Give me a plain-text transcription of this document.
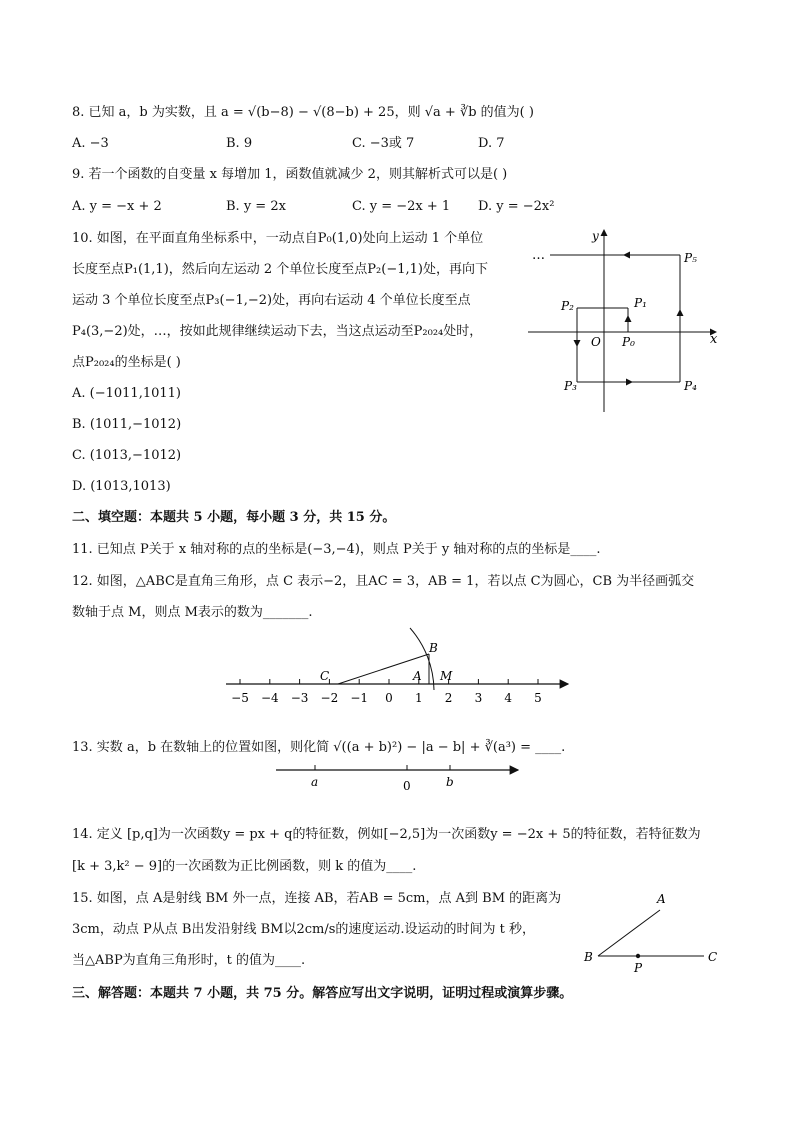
8. 已知 a，b 为实数，且 a = √(b−8) − √(8−b) + 25，则 √a + ∛b 的值为( )
A. −3	B. 9	C. −3或 7	D. 7
9. 若一个函数的自变量 x 每增加 1，函数值就减少 2，则其解析式可以是( )
A. y = −x + 2	B. y = 2x	C. y = −2x + 1 D. y = −2x²
10. 如图，在平面直角坐标系中，一动点自P₀(1,0)处向上运动 1 个单位
长度至点P₁(1,1)，然后向左运动 2 个单位长度至点P₂(−1,1)处，再向下
运动 3 个单位长度至点P₃(−1,−2)处，再向右运动 4 个单位长度至点
P₄(3,−2)处，…，按如此规律继续运动下去，当这点运动至P₂₀₂₄处时，
点P₂₀₂₄的坐标是( )
A. (−1011,1011)
B. (1011,−1012)
C. (1013,−1012)
D. (1013,1013)
…
y
x
O P₀
P₁
P₂
P₃	P₄
P₅
二、填空题：本题共 5 小题，每小题 3 分，共 15 分。
11. 已知点 P关于 x 轴对称的点的坐标是(−3,−4)，则点 P关于 y 轴对称的点的坐标是____.
12. 如图，△ABC是直角三角形，点 C 表示−2，且AC = 3，AB = 1，若以点 C为圆心，CB 为半径画弧交
数轴于点 M，则点 M表示的数为_______.
−5 −4 −3 −2 −1 0 1 2 3 4 5
C	A
B
M
13. 实数 a，b 在数轴上的位置如图，则化简 √((a + b)²) − |a − b| + ∛(a³) = ____.
a	0	b
14. 定义 [p,q]为一次函数y = px + q的特征数，例如[−2,5]为一次函数y = −2x + 5的特征数，若特征数为
[k + 3,k² − 9]的一次函数为正比例函数，则 k 的值为____.
15. 如图，点 A是射线 BM 外一点，连接 AB，若AB = 5cm，点 A到 BM 的距离为
3cm，动点 P从点 B出发沿射线 BM以2cm/s的速度运动.设运动的时间为 t 秒，
当△ABP为直角三角形时，t 的值为____.
A
B
P
C
三、解答题：本题共 7 小题，共 75 分。解答应写出文字说明，证明过程或演算步骤。
